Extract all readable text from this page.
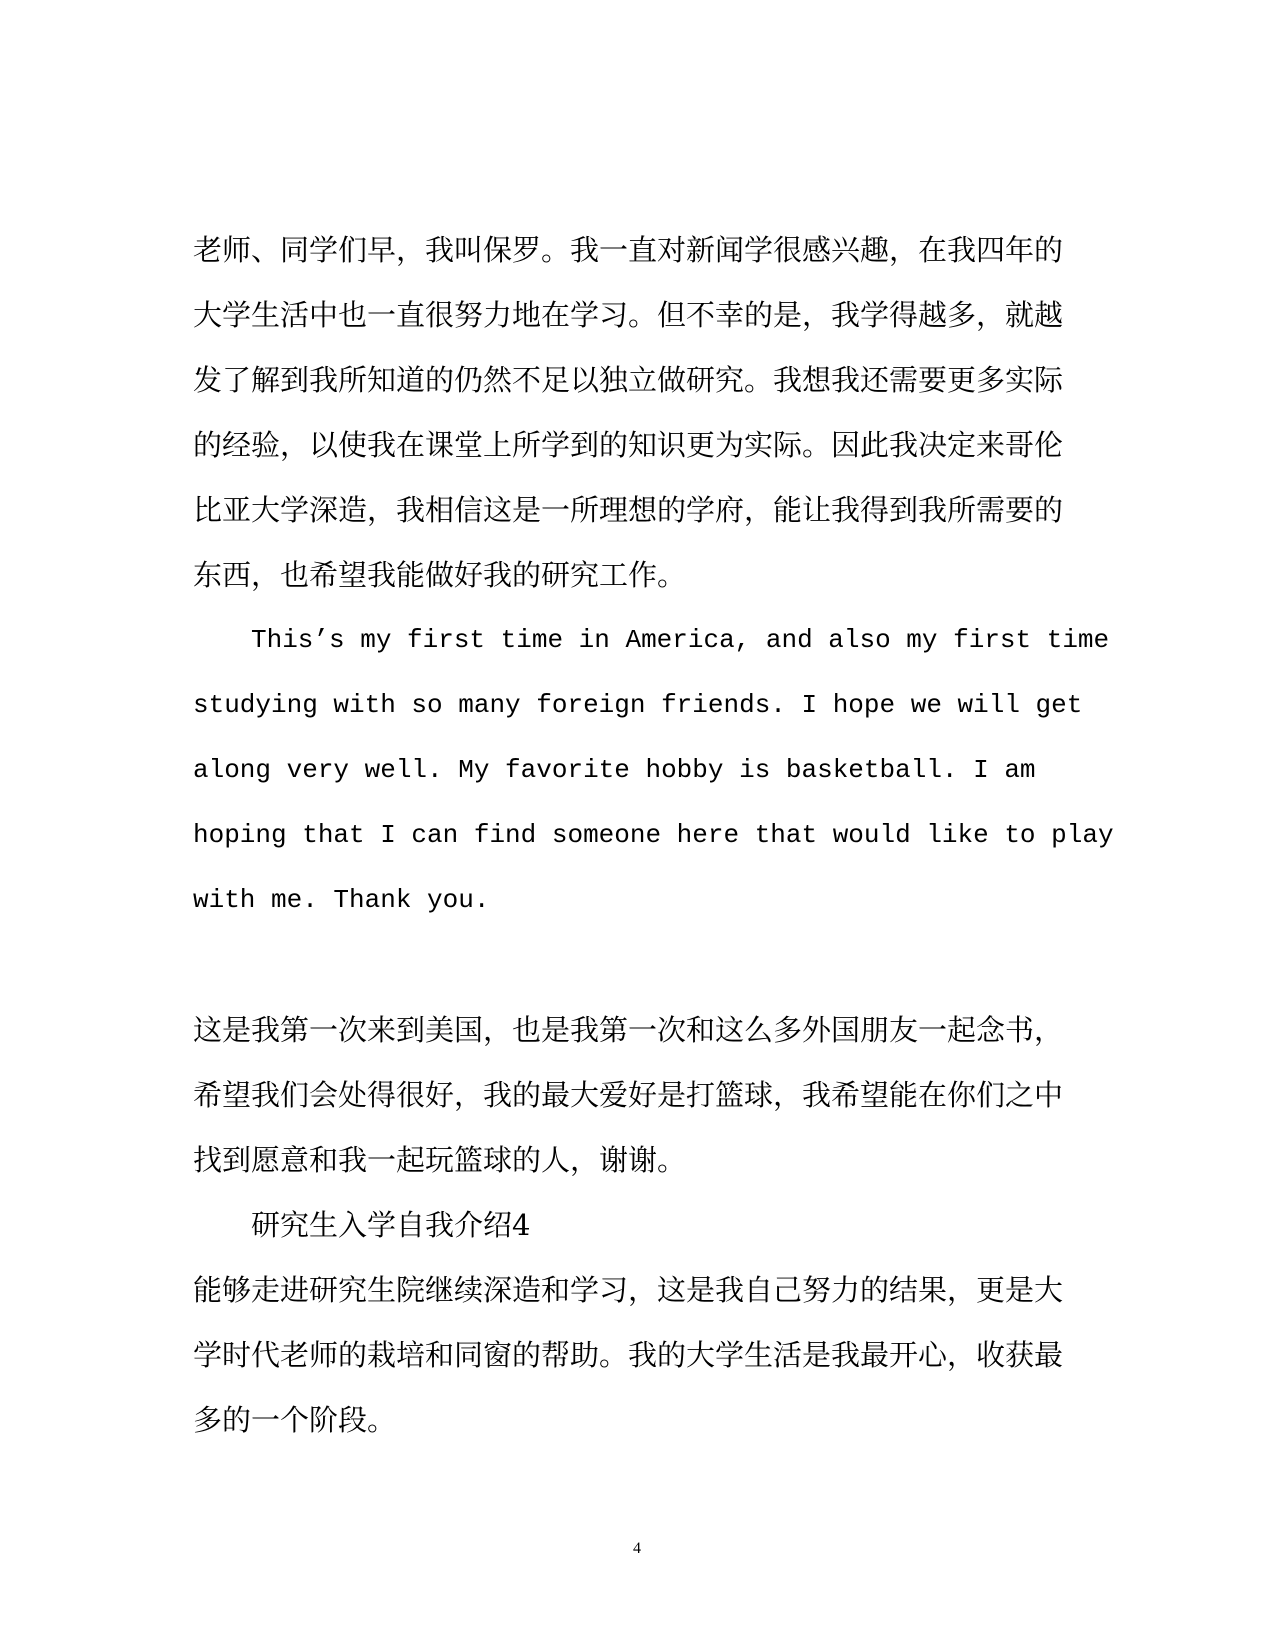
老师、同学们早，我叫保罗。我一直对新闻学很感兴趣，在我四年的
大学生活中也一直很努力地在学习。但不幸的是，我学得越多，就越
发了解到我所知道的仍然不足以独立做研究。我想我还需要更多实际
的经验，以使我在课堂上所学到的知识更为实际。因此我决定来哥伦
比亚大学深造，我相信这是一所理想的学府，能让我得到我所需要的
东西，也希望我能做好我的研究工作。
This’s my first time in America, and also my first time
studying with so many foreign friends. I hope we will get
along very well. My favorite hobby is basketball. I am
hoping that I can find someone here that would like to play
with me. Thank you.
这是我第一次来到美国，也是我第一次和这么多外国朋友一起念书，
希望我们会处得很好，我的最大爱好是打篮球，我希望能在你们之中
找到愿意和我一起玩篮球的人，谢谢。
研究生入学自我介绍4
能够走进研究生院继续深造和学习，这是我自己努力的结果，更是大
学时代老师的栽培和同窗的帮助。我的大学生活是我最开心，收获最
多的一个阶段。
4
